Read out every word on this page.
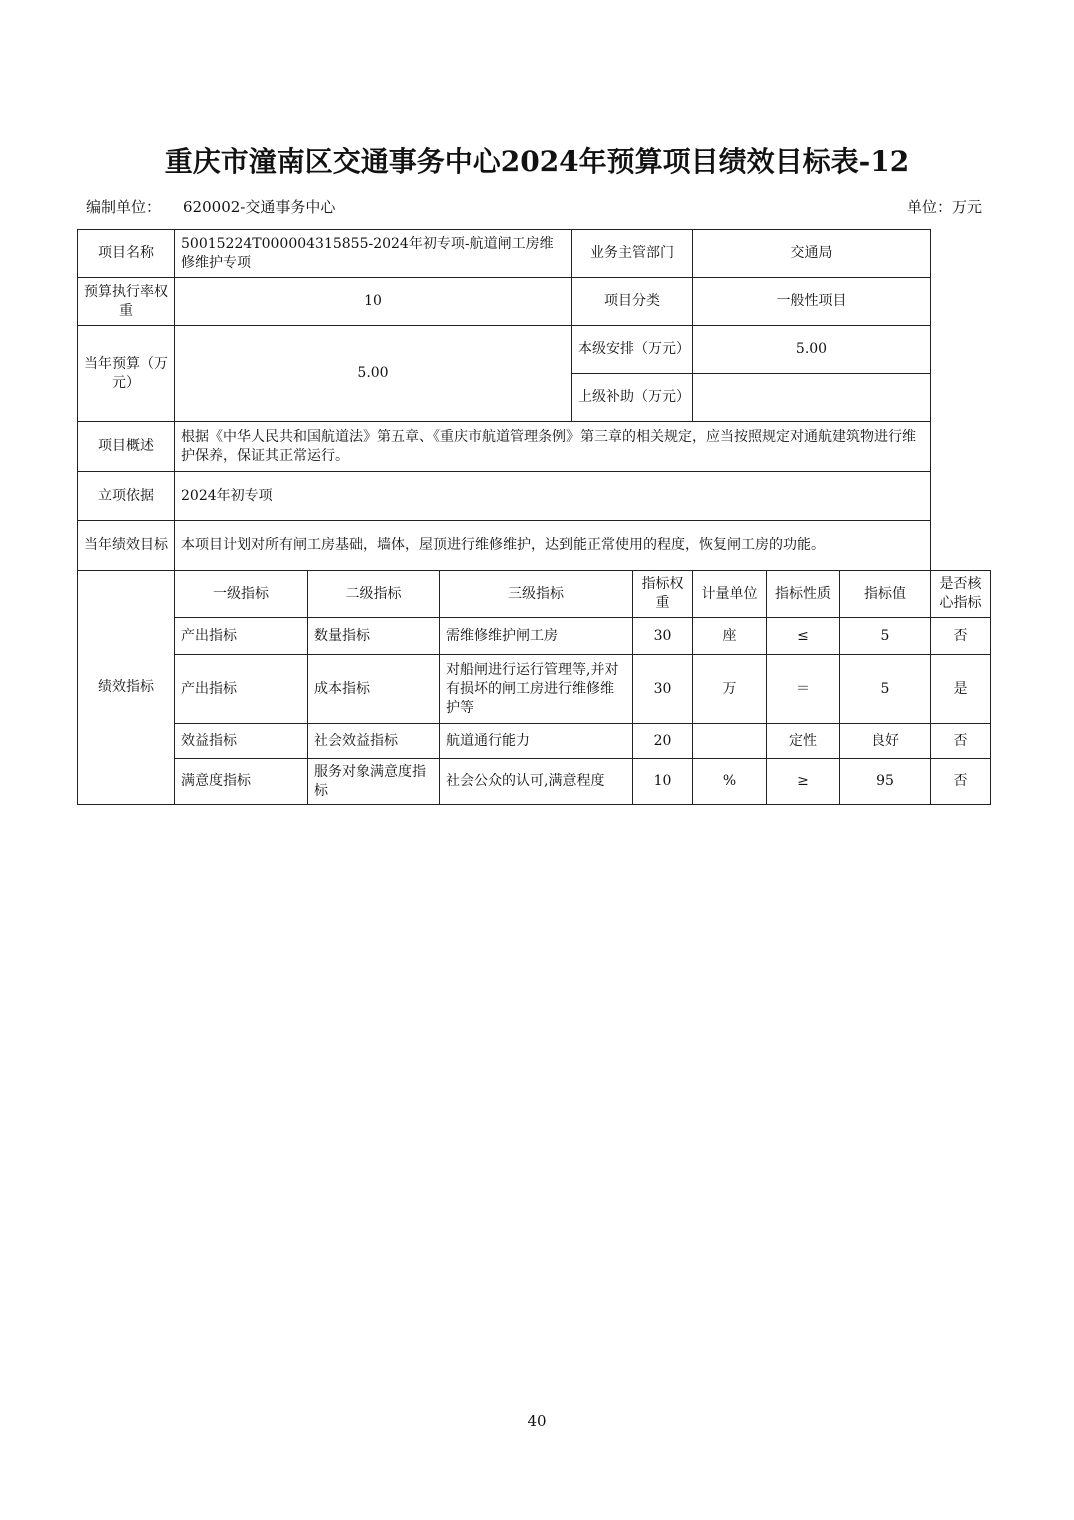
重庆市潼南区交通事务中心2024年预算项目绩效目标表-12
编制单位： 620002-交通事务中心	单位：万元
项目名称	50015224T000004315855-2024年初专项-航道闸工房维修维护专项			业务主管部门		交通局			
预算执行率权重	10			项目分类		一般性项目			
当年预算（万元）	5.00			本级安排（万元）		5.00			
				上级补助（万元）					
项目概述	根据《中华人民共和国航道法》第五章、《重庆市航道管理条例》第三章的相关规定，应当按照规定对通航建筑物进行维护保养，保证其正常运行。								
立项依据	2024年初专项								
当年绩效目标	本项目计划对所有闸工房基础，墙体，屋顶进行维修维护，达到能正常使用的程度，恢复闸工房的功能。								
绩效指标	一级指标	二级指标	三级指标		指标权重	计量单位	指标性质	指标值	是否核心指标
	产出指标	数量指标	需维修维护闸工房		30	座	≤	5	否
	产出指标	成本指标	对船闸进行运行管理等,并对有损坏的闸工房进行维修维护等		30	万	＝	5	是
	效益指标	社会效益指标	航道通行能力		20		定性	良好	否
	满意度指标	服务对象满意度指标	社会公众的认可,满意程度		10	%	≥	95	否
40
